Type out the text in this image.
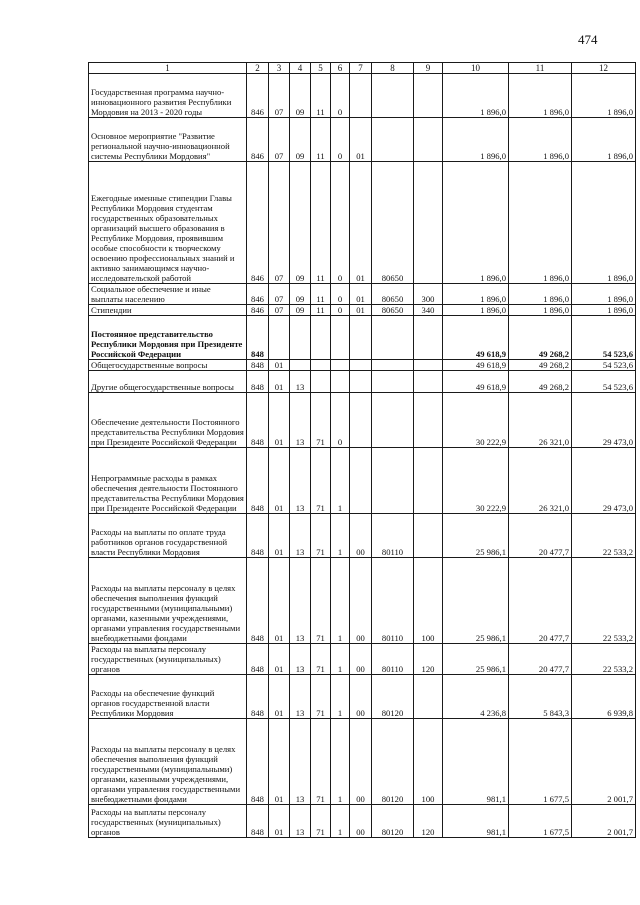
474
1	2	3	4	5	6	7	8	9	10	11	12
Государственная программа научно-инновационного развития Республики Мордовия на 2013 - 2020 годы	846	07	09	11	0				1 896,0	1 896,0	1 896,0
Основное мероприятие "Развитие региональной научно-инновационной системы Республики Мордовия"	846	07	09	11	0	01			1 896,0	1 896,0	1 896,0
Ежегодные именные стипендии Главы Республики Мордовия студентам государственных образовательных организаций высшего образования в Республике Мордовия, проявившим особые способности к творческому освоению профессиональных знаний и активно занимающимся научно-исследовательской работой	846	07	09	11	0	01	80650		1 896,0	1 896,0	1 896,0
Социальное обеспечение и иные выплаты населению	846	07	09	11	0	01	80650	300	1 896,0	1 896,0	1 896,0
Стипендии	846	07	09	11	0	01	80650	340	1 896,0	1 896,0	1 896,0
Постоянное представительство Республики Мордовия при Президенте Российской Федерации	848								49 618,9	49 268,2	54 523,6
Общегосударственные вопросы	848	01							49 618,9	49 268,2	54 523,6
Другие общегосударственные вопросы	848	01	13						49 618,9	49 268,2	54 523,6
Обеспечение деятельности Постоянного представительства Республики Мордовия при Президенте Российской Федерации	848	01	13	71	0				30 222,9	26 321,0	29 473,0
Непрограммные расходы в рамках обеспечения деятельности Постоянного представительства Республики Мордовия при Президенте Российской Федерации	848	01	13	71	1				30 222,9	26 321,0	29 473,0
Расходы на выплаты по оплате труда работников органов государственной власти Республики Мордовия	848	01	13	71	1	00	80110		25 986,1	20 477,7	22 533,2
Расходы на выплаты персоналу в целях обеспечения выполнения функций государственными (муниципальными) органами, казенными учреждениями, органами управления государственными внебюджетными фондами	848	01	13	71	1	00	80110	100	25 986,1	20 477,7	22 533,2
Расходы на выплаты персоналу государственных (муниципальных) органов	848	01	13	71	1	00	80110	120	25 986,1	20 477,7	22 533,2
Расходы на обеспечение функций органов государственной власти Республики Мордовия	848	01	13	71	1	00	80120		4 236,8	5 843,3	6 939,8
Расходы на выплаты персоналу в целях обеспечения выполнения функций государственными (муниципальными) органами, казенными учреждениями, органами управления государственными внебюджетными фондами	848	01	13	71	1	00	80120	100	981,1	1 677,5	2 001,7
Расходы на выплаты персоналу государственных (муниципальных) органов	848	01	13	71	1	00	80120	120	981,1	1 677,5	2 001,7
